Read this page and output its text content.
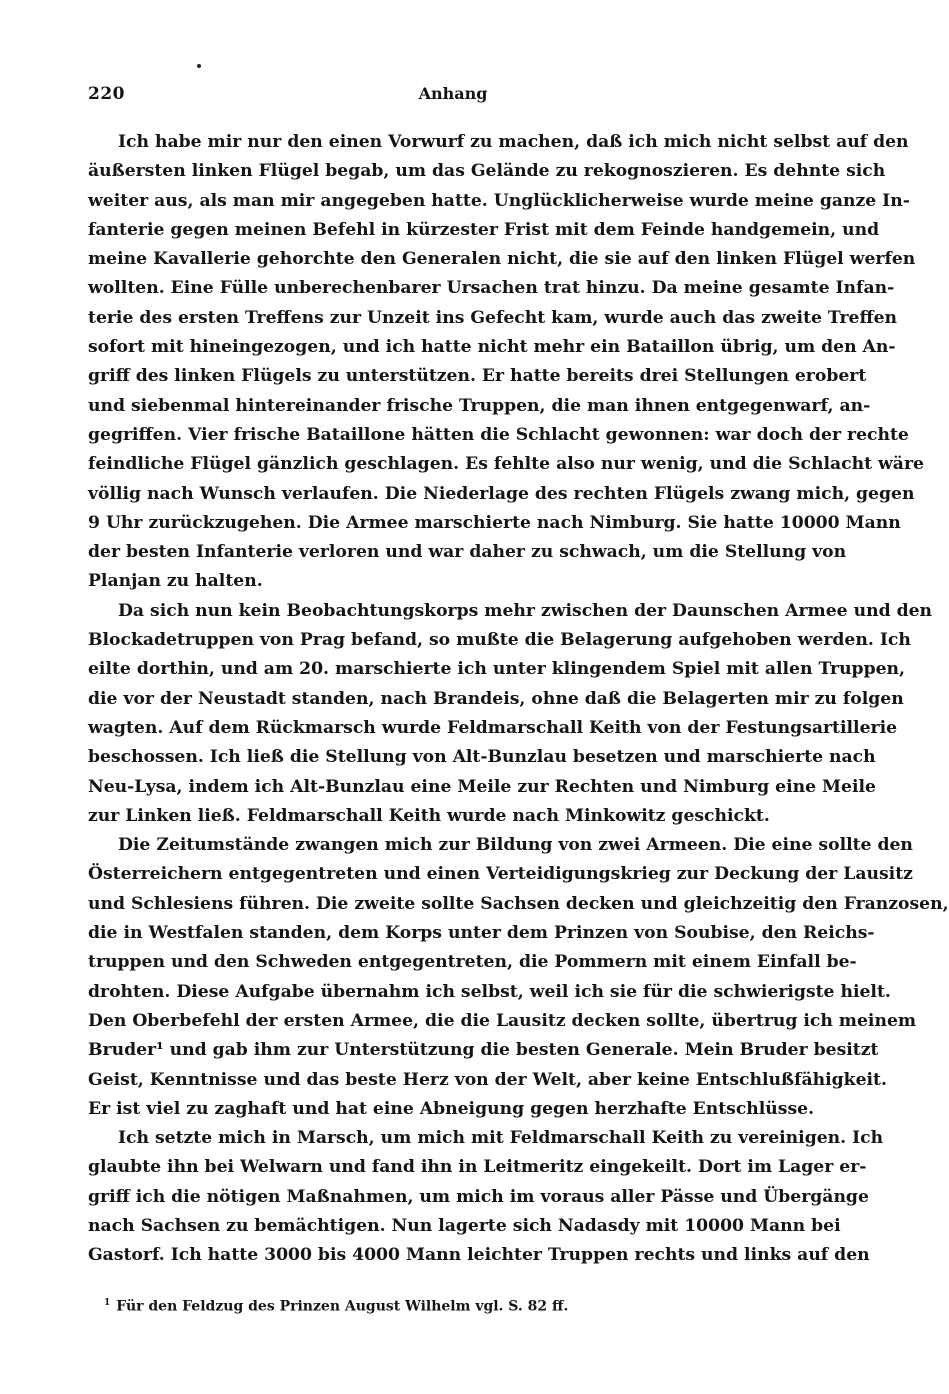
220	Anhang
Ich habe mir nur den einen Vorwurf zu machen, daß ich mich nicht selbst auf den
äußersten linken Flügel begab, um das Gelände zu rekognoszieren. Es dehnte sich
weiter aus, als man mir angegeben hatte. Unglücklicherweise wurde meine ganze In-
fanterie gegen meinen Befehl in kürzester Frist mit dem Feinde handgemein, und
meine Kavallerie gehorchte den Generalen nicht, die sie auf den linken Flügel werfen
wollten. Eine Fülle unberechenbarer Ursachen trat hinzu. Da meine gesamte Infan-
terie des ersten Treffens zur Unzeit ins Gefecht kam, wurde auch das zweite Treffen
sofort mit hineingezogen, und ich hatte nicht mehr ein Bataillon übrig, um den An-
griff des linken Flügels zu unterstützen. Er hatte bereits drei Stellungen erobert
und siebenmal hintereinander frische Truppen, die man ihnen entgegenwarf, an-
gegriffen. Vier frische Bataillone hätten die Schlacht gewonnen: war doch der rechte
feindliche Flügel gänzlich geschlagen. Es fehlte also nur wenig, und die Schlacht wäre
völlig nach Wunsch verlaufen. Die Niederlage des rechten Flügels zwang mich, gegen
9 Uhr zurückzugehen. Die Armee marschierte nach Nimburg. Sie hatte 10000 Mann
der besten Infanterie verloren und war daher zu schwach, um die Stellung von
Planjan zu halten.
Da sich nun kein Beobachtungskorps mehr zwischen der Daunschen Armee und den
Blockadetruppen von Prag befand, so mußte die Belagerung aufgehoben werden. Ich
eilte dorthin, und am 20. marschierte ich unter klingendem Spiel mit allen Truppen,
die vor der Neustadt standen, nach Brandeis, ohne daß die Belagerten mir zu folgen
wagten. Auf dem Rückmarsch wurde Feldmarschall Keith von der Festungsartillerie
beschossen. Ich ließ die Stellung von Alt-Bunzlau besetzen und marschierte nach
Neu-Lysa, indem ich Alt-Bunzlau eine Meile zur Rechten und Nimburg eine Meile
zur Linken ließ. Feldmarschall Keith wurde nach Minkowitz geschickt.
Die Zeitumstände zwangen mich zur Bildung von zwei Armeen. Die eine sollte den
Österreichern entgegentreten und einen Verteidigungskrieg zur Deckung der Lausitz
und Schlesiens führen. Die zweite sollte Sachsen decken und gleichzeitig den Franzosen,
die in Westfalen standen, dem Korps unter dem Prinzen von Soubise, den Reichs-
truppen und den Schweden entgegentreten, die Pommern mit einem Einfall be-
drohten. Diese Aufgabe übernahm ich selbst, weil ich sie für die schwierigste hielt.
Den Oberbefehl der ersten Armee, die die Lausitz decken sollte, übertrug ich meinem
Bruder¹ und gab ihm zur Unterstützung die besten Generale. Mein Bruder besitzt
Geist, Kenntnisse und das beste Herz von der Welt, aber keine Entschlußfähigkeit.
Er ist viel zu zaghaft und hat eine Abneigung gegen herzhafte Entschlüsse.
Ich setzte mich in Marsch, um mich mit Feldmarschall Keith zu vereinigen. Ich
glaubte ihn bei Welwarn und fand ihn in Leitmeritz eingekeilt. Dort im Lager er-
griff ich die nötigen Maßnahmen, um mich im voraus aller Pässe und Übergänge
nach Sachsen zu bemächtigen. Nun lagerte sich Nadasdy mit 10000 Mann bei
Gastorf. Ich hatte 3000 bis 4000 Mann leichter Truppen rechts und links auf den
$^1$ Für den Feldzug des Prinzen August Wilhelm vgl. S. 82 ff.
